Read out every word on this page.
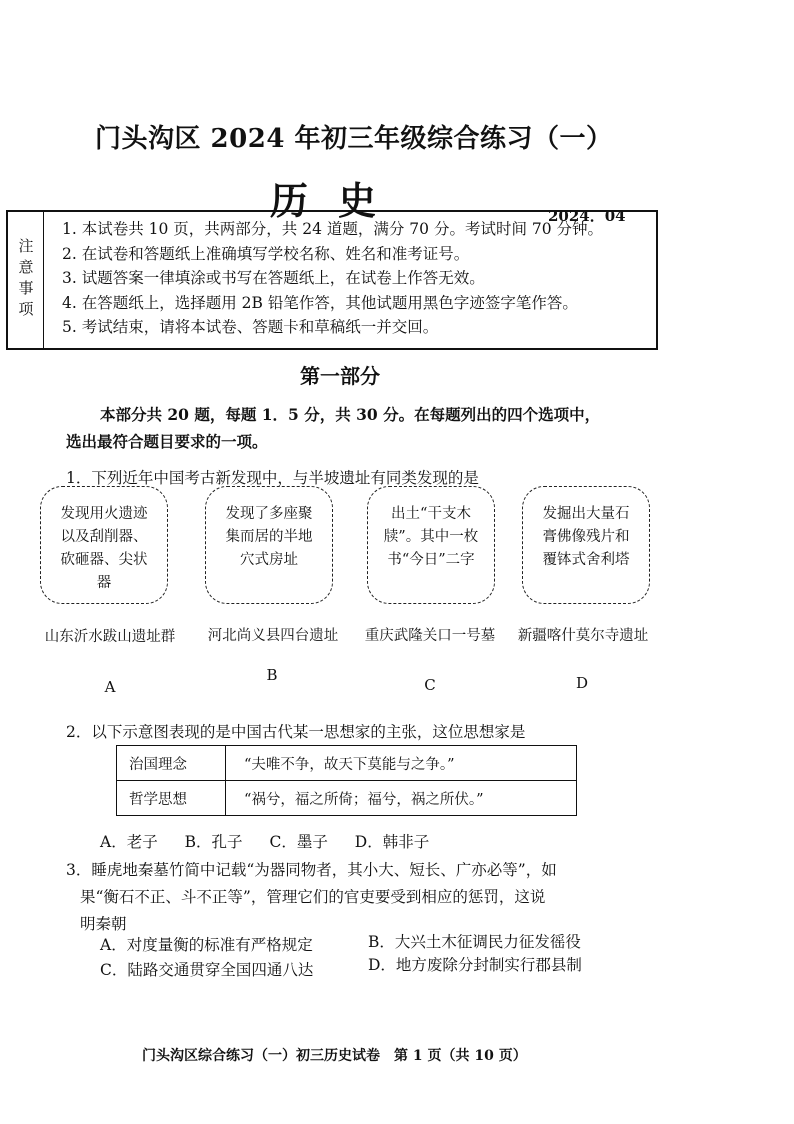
门头沟区 2024 年初三年级综合练习（一）
历史	2024．04
注意事项
1. 本试卷共 10 页，共两部分，共 24 道题，满分 70 分。考试时间 70 分钟。
2. 在试卷和答题纸上准确填写学校名称、姓名和准考证号。
3. 试题答案一律填涂或书写在答题纸上，在试卷上作答无效。
4. 在答题纸上，选择题用 2B 铅笔作答，其他试题用黑色字迹签字笔作答。
5. 考试结束，请将本试卷、答题卡和草稿纸一并交回。
第一部分
本部分共 20 题，每题 1．5 分，共 30 分。在每题列出的四个选项中，
选出最符合题目要求的一项。
1．下列近年中国考古新发现中，与半坡遗址有同类发现的是
发现用火遗迹以及刮削器、砍砸器、尖状器
发现了多座聚集而居的半地穴式房址
出土“干支木牍”。其中一枚书“今日”二字
发掘出大量石膏佛像残片和覆钵式舍利塔
山东沂水跋山遗址群	河北尚义县四台遗址	重庆武隆关口一号墓	新疆喀什莫尔寺遗址
A
B
C	D
2．以下示意图表现的是中国古代某一思想家的主张，这位思想家是
治国理念	“夫唯不争，故天下莫能与之争。”
哲学思想	“祸兮，福之所倚；福兮，祸之所伏。”
A．老子 B．孔子 C．墨子 D．韩非子
3．睡虎地秦墓竹简中记载“为器同物者，其小大、短长、广亦必等”，如
果“衡石不正、斗不正等”，管理它们的官吏要受到相应的惩罚，这说
明秦朝
A．对度量衡的标准有严格规定	B．大兴土木征调民力征发徭役
C．陆路交通贯穿全国四通八达	D．地方废除分封制实行郡县制
门头沟区综合练习（一）初三历史试卷　第 1 页（共 10 页）
